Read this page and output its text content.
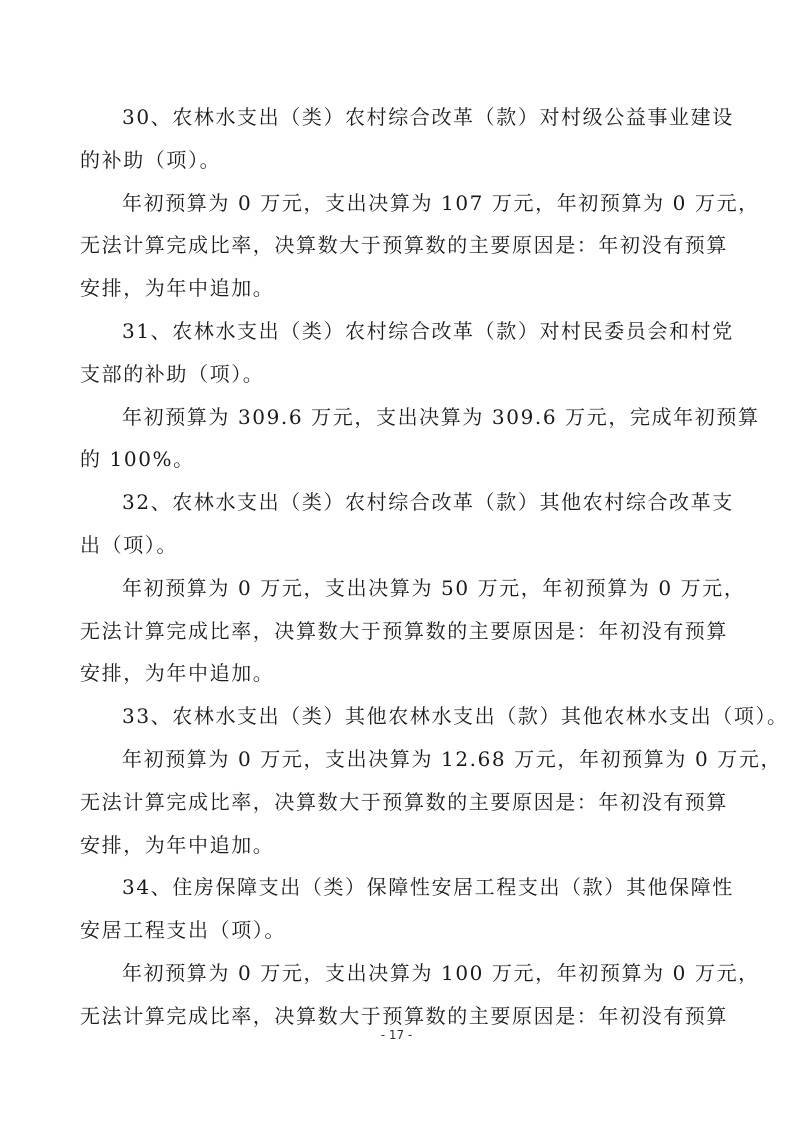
30、农林水支出（类）农村综合改革（款）对村级公益事业建设
的补助（项）。
年初预算为 0 万元，支出决算为 107 万元，年初预算为 0 万元，
无法计算完成比率，决算数大于预算数的主要原因是：年初没有预算
安排，为年中追加。
31、农林水支出（类）农村综合改革（款）对村民委员会和村党
支部的补助（项）。
年初预算为 309.6 万元，支出决算为 309.6 万元，完成年初预算
的 100%。
32、农林水支出（类）农村综合改革（款）其他农村综合改革支
出（项）。
年初预算为 0 万元，支出决算为 50 万元，年初预算为 0 万元，
无法计算完成比率，决算数大于预算数的主要原因是：年初没有预算
安排，为年中追加。
33、农林水支出（类）其他农林水支出（款）其他农林水支出（项）。
年初预算为 0 万元，支出决算为 12.68 万元，年初预算为 0 万元，
无法计算完成比率，决算数大于预算数的主要原因是：年初没有预算
安排，为年中追加。
34、住房保障支出（类）保障性安居工程支出（款）其他保障性
安居工程支出（项）。
年初预算为 0 万元，支出决算为 100 万元，年初预算为 0 万元，
无法计算完成比率，决算数大于预算数的主要原因是：年初没有预算
- 17 -
